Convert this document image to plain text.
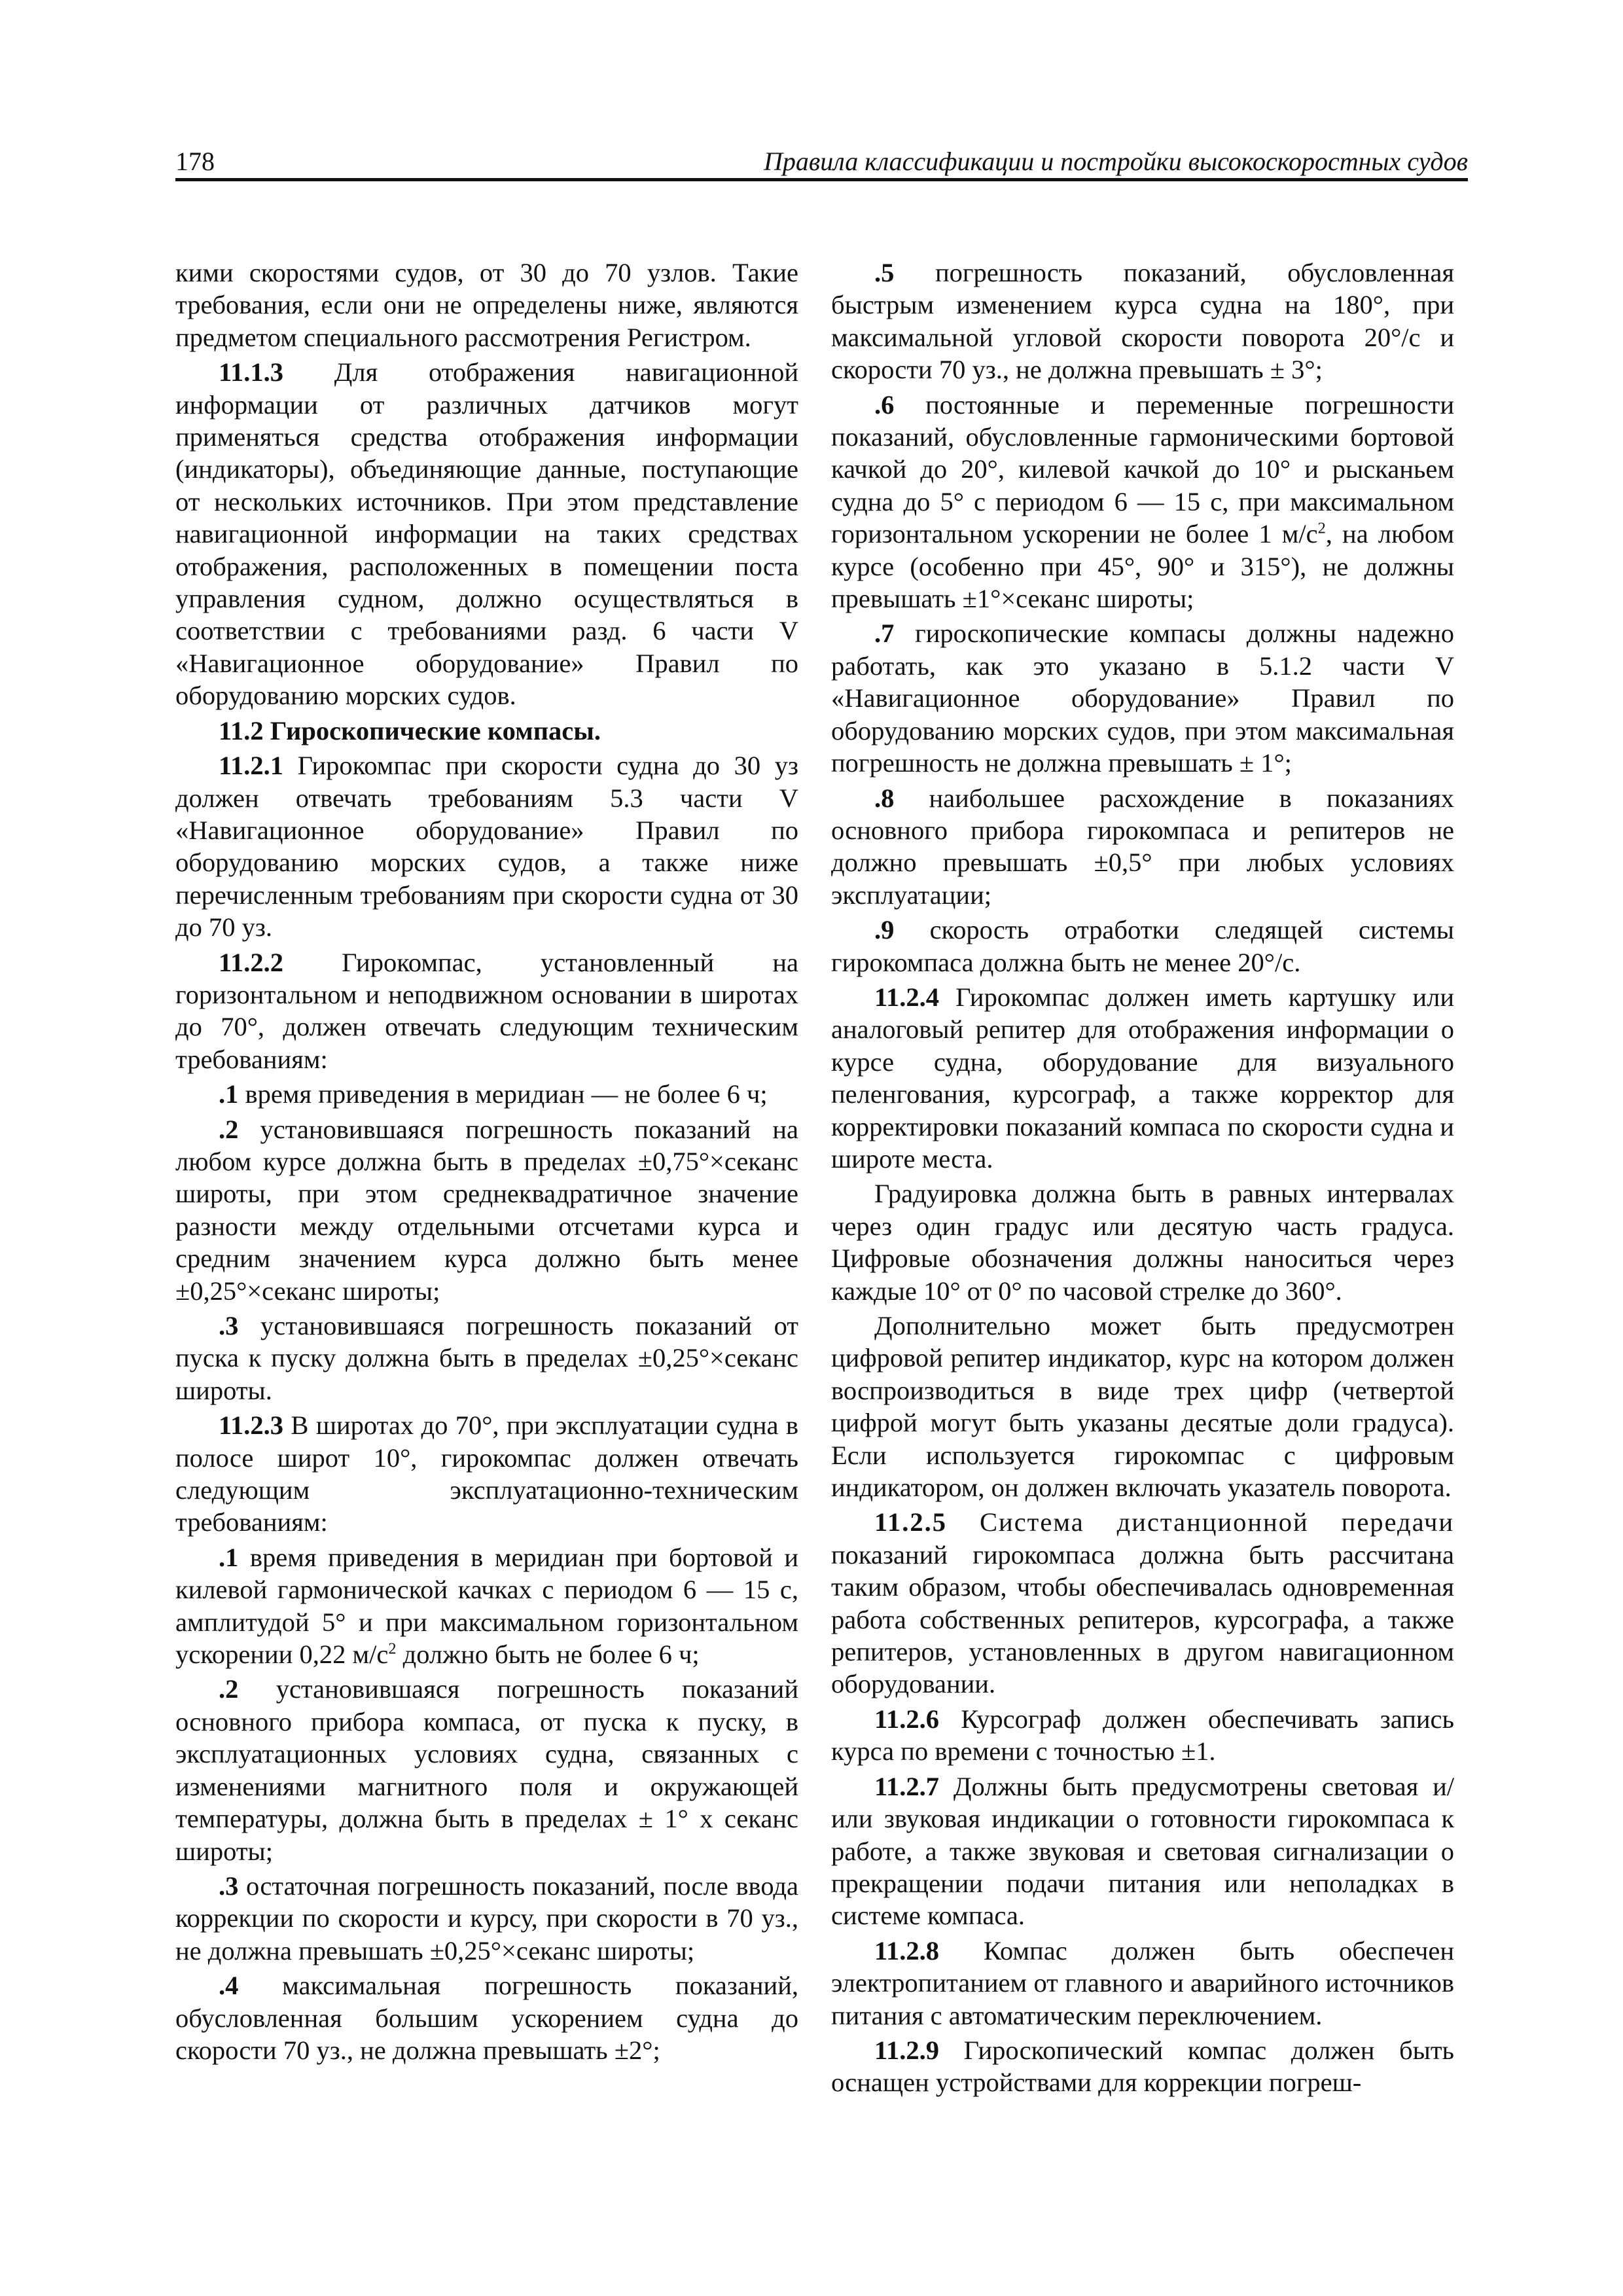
178	Правила классификации и постройки высокоскоростных судов

кими скоростями судов, от 30 до 70 узлов. Такие требования, если они не определены ниже, являются предметом специального рассмотрения Регистром.

11.1.3 Для отображения навигационной информации от различных датчиков могут применяться средства отображения информации (индикаторы), объединяющие данные, поступающие от нескольких источников. При этом представление навигационной информации на таких средствах отображения, расположенных в помещении поста управления судном, должно осуществляться в соответствии с требованиями разд. 6 части V «Навигационное оборудование» Правил по оборудованию морских судов.

11.2 Гироскопические компасы.

11.2.1 Гирокомпас при скорости судна до 30 уз должен отвечать требованиям 5.3 части V «Навигационное оборудование» Правил по оборудованию морских судов, а также ниже перечисленным требованиям при скорости судна от 30 до 70 уз.

11.2.2 Гирокомпас, установленный на горизонтальном и неподвижном основании в широтах до 70°, должен отвечать следующим техническим требованиям:

.1 время приведения в меридиан — не более 6 ч;

.2 установившаяся погрешность показаний на любом курсе должна быть в пределах ±0,75°×секанс широты, при этом среднеквадратичное значение разности между отдельными отсчетами курса и средним значением курса должно быть менее ±0,25°×секанс широты;

.3 установившаяся погрешность показаний от пуска к пуску должна быть в пределах ±0,25°×секанс широты.

11.2.3 В широтах до 70°, при эксплуатации судна в полосе широт 10°, гирокомпас должен отвечать следующим эксплуатационно-техническим требованиям:

.1 время приведения в меридиан при бортовой и килевой гармонической качках с периодом 6 — 15 с, амплитудой 5° и при максимальном горизонтальном ускорении 0,22 $м/с^2$ должно быть не более 6 ч;

.2 установившаяся погрешность показаний основного прибора компаса, от пуска к пуску, в эксплуатационных условиях судна, связанных с изменениями магнитного поля и окружающей температуры, должна быть в пределах ± 1° х секанс широты;

.3 остаточная погрешность показаний, после ввода коррекции по скорости и курсу, при скорости в 70 уз., не должна превышать ±0,25°×секанс широты;

.4 максимальная погрешность показаний, обусловленная большим ускорением судна до скорости 70 уз., не должна превышать ±2°;

.5 погрешность показаний, обусловленная быстрым изменением курса судна на 180°, при максимальной угловой скорости поворота 20°/с и скорости 70 уз., не должна превышать ± 3°;

.6 постоянные и переменные погрешности показаний, обусловленные гармоническими бортовой качкой до 20°, килевой качкой до 10° и рысканьем судна до 5° с периодом 6 — 15 с, при максимальном горизонтальном ускорении не более 1 $м/с^2$, на любом курсе (особенно при 45°, 90° и 315°), не должны превышать ±1°×секанс широты;

.7 гироскопические компасы должны надежно работать, как это указано в 5.1.2 части V «Навигационное оборудование» Правил по оборудованию морских судов, при этом максимальная погрешность не должна превышать ± 1°;

.8 наибольшее расхождение в показаниях основного прибора гирокомпаса и репитеров не должно превышать ±0,5° при любых условиях эксплуатации;

.9 скорость отработки следящей системы гирокомпаса должна быть не менее 20°/с.

11.2.4 Гирокомпас должен иметь картушку или аналоговый репитер для отображения информации о курсе судна, оборудование для визуального пеленгования, курсограф, а также корректор для корректировки показаний компаса по скорости судна и широте места.

Градуировка должна быть в равных интервалах через один градус или десятую часть градуса. Цифровые обозначения должны наноситься через каждые 10° от 0° по часовой стрелке до 360°.

Дополнительно может быть предусмотрен цифровой репитер индикатор, курс на котором должен воспроизводиться в виде трех цифр (четвертой цифрой могут быть указаны десятые доли градуса). Если используется гирокомпас с цифровым индикатором, он должен включать указатель поворота.

11.2.5 Система дистанционной передачи показаний гирокомпаса должна быть рассчитана таким образом, чтобы обеспечивалась одновременная работа собственных репитеров, курсографа, а также репитеров, установленных в другом навигационном оборудовании.

11.2.6 Курсограф должен обеспечивать запись курса по времени с точностью ±1.

11.2.7 Должны быть предусмотрены световая и/или звуковая индикации о готовности гирокомпаса к работе, а также звуковая и световая сигнализации о прекращении подачи питания или неполадках в системе компаса.

11.2.8 Компас должен быть обеспечен электропитанием от главного и аварийного источников питания с автоматическим переключением.

11.2.9 Гироскопический компас должен быть оснащен устройствами для коррекции погреш-
